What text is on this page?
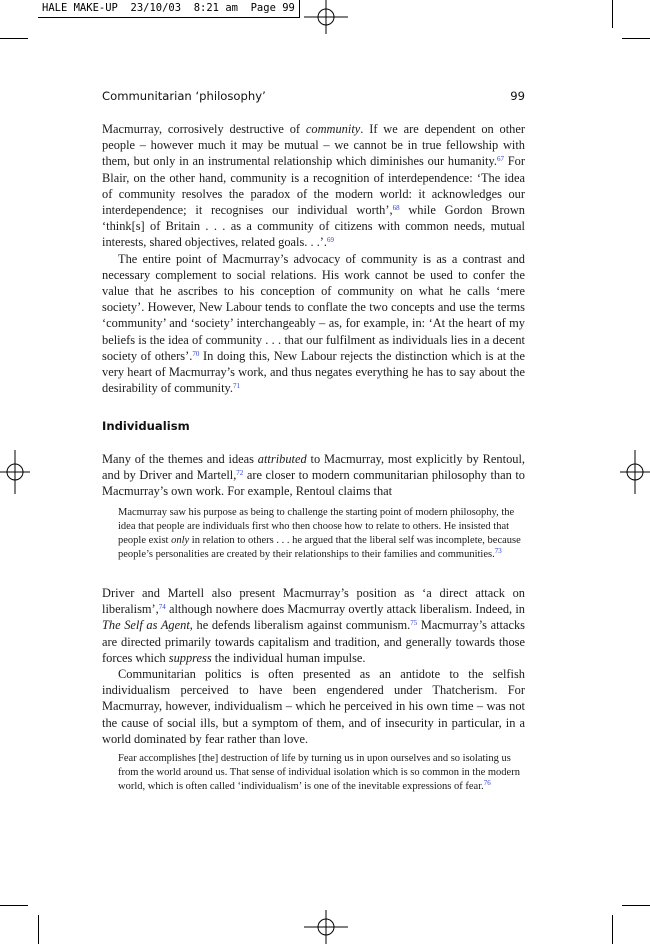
HALE MAKE-UP  23/10/03  8:21 am  Page 99
Communitarian ‘philosophy’	99

Macmurray, corrosively destructive of community. If we are dependent on other people – however much it may be mutual – we cannot be in true fellowship with them, but only in an instrumental relationship which diminishes our humanity.$^{67}$ For Blair, on the other hand, community is a recognition of interdependence: ‘The idea of community resolves the paradox of the modern world: it acknowledges our interdependence; it recognises our individual worth’,$^{68}$ while Gordon Brown ‘think[s] of Britain . . . as a community of citizens with common needs, mutual interests, shared objectives, related goals. . .’.$^{69}$

The entire point of Macmurray’s advocacy of community is as a contrast and necessary complement to social relations. His work cannot be used to confer the value that he ascribes to his conception of community on what he calls ‘mere society’. However, New Labour tends to conflate the two concepts and use the terms ‘community’ and ‘society’ interchangeably – as, for example, in: ‘At the heart of my beliefs is the idea of community . . . that our fulfilment as individuals lies in a decent society of others’.$^{70}$ In doing this, New Labour rejects the distinction which is at the very heart of Macmurray’s work, and thus negates everything he has to say about the desirability of community.$^{71}$

Individualism

Many of the themes and ideas attributed to Macmurray, most explicitly by Rentoul, and by Driver and Martell,$^{72}$ are closer to modern communitarian philosophy than to Macmurray’s own work. For example, Rentoul claims that

Macmurray saw his purpose as being to challenge the starting point of modern philosophy, the idea that people are individuals first who then choose how to relate to others. He insisted that people exist only in relation to others . . . he argued that the liberal self was incomplete, because people’s personalities are created by their relationships to their families and communities.$^{73}$

Driver and Martell also present Macmurray’s position as ‘a direct attack on liberalism’,$^{74}$ although nowhere does Macmurray overtly attack liberalism. Indeed, in The Self as Agent, he defends liberalism against communism.$^{75}$ Macmurray’s attacks are directed primarily towards capitalism and tradition, and generally towards those forces which suppress the individual human impulse.

Communitarian politics is often presented as an antidote to the selfish individualism perceived to have been engendered under Thatcherism. For Macmurray, however, individualism – which he perceived in his own time – was not the cause of social ills, but a symptom of them, and of insecurity in particular, in a world dominated by fear rather than love.

Fear accomplishes [the] destruction of life by turning us in upon ourselves and so isolating us from the world around us. That sense of individual isolation which is so common in the modern world, which is often called ‘individualism’ is one of the inevitable expressions of fear.$^{76}$
